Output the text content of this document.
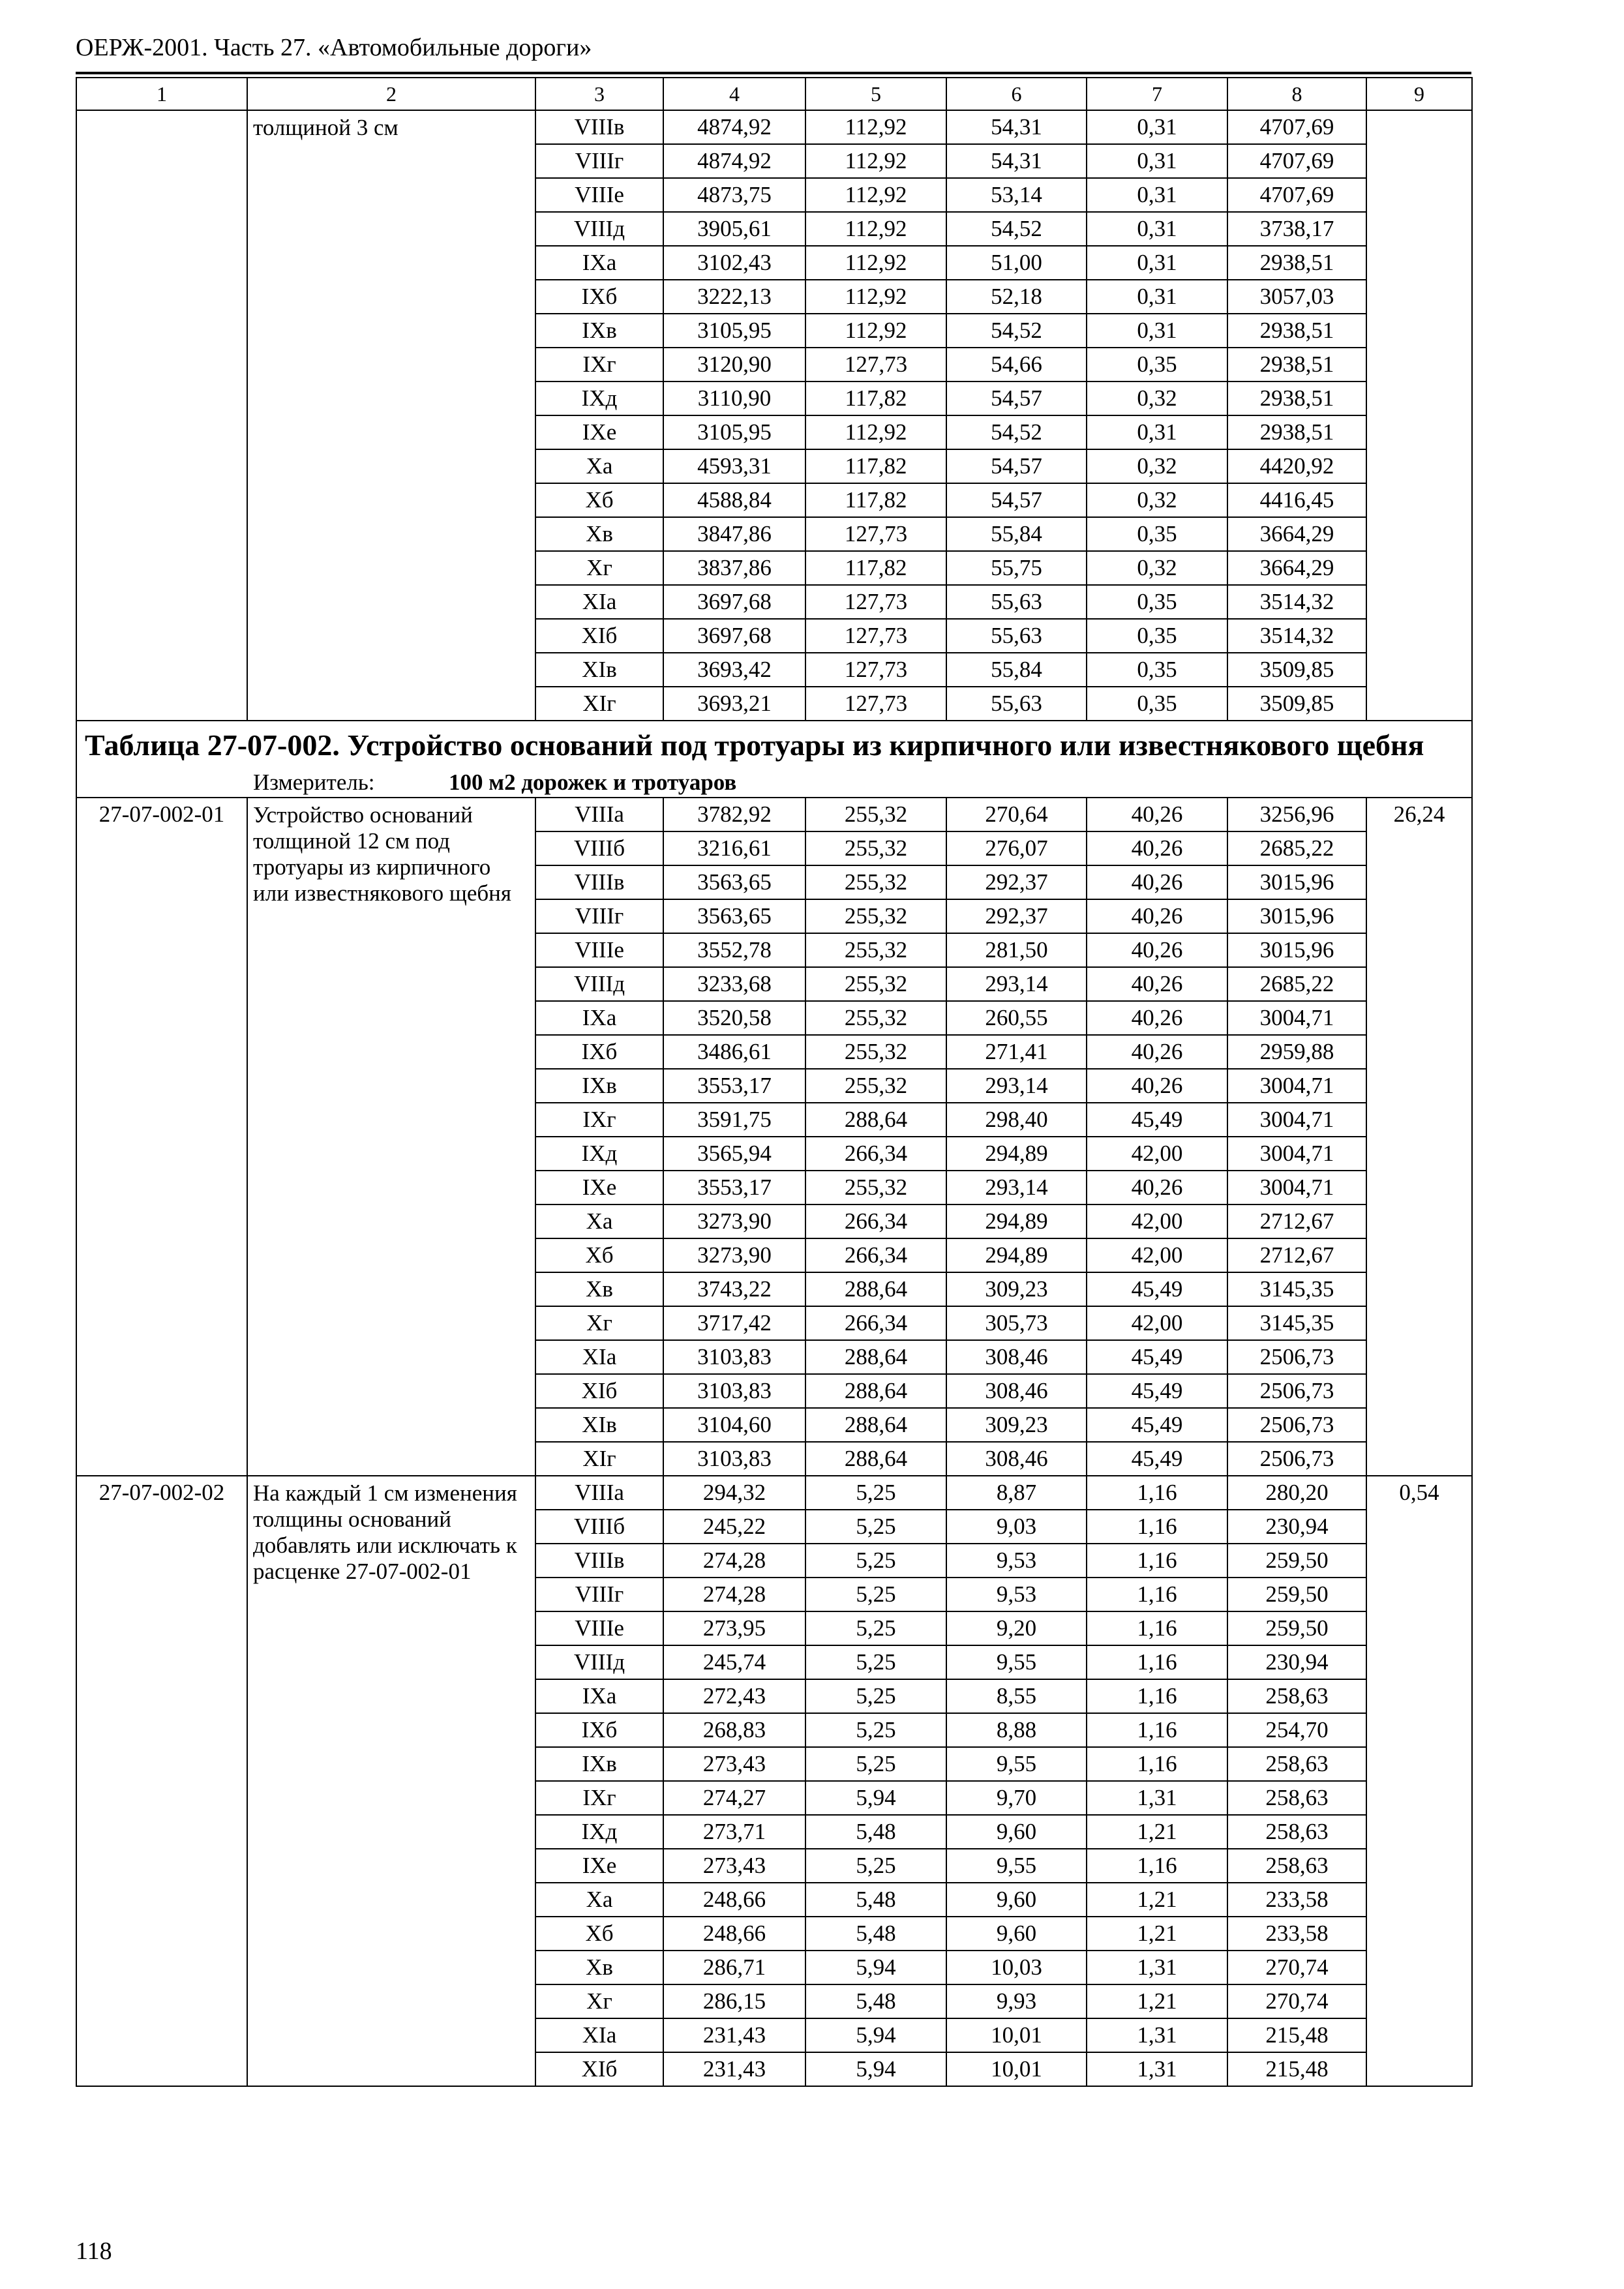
ОЕРЖ-2001. Часть 27. «Автомобильные дороги»
1	2	3	4	5	6	7	8	9
	толщиной 3 см	VIIIв	4874,92	112,92	54,31	0,31	4707,69	
		VIIIг	4874,92	112,92	54,31	0,31	4707,69	
		VIIIе	4873,75	112,92	53,14	0,31	4707,69	
		VIIIд	3905,61	112,92	54,52	0,31	3738,17	
		IXа	3102,43	112,92	51,00	0,31	2938,51	
		IXб	3222,13	112,92	52,18	0,31	3057,03	
		IXв	3105,95	112,92	54,52	0,31	2938,51	
		IXг	3120,90	127,73	54,66	0,35	2938,51	
		IXд	3110,90	117,82	54,57	0,32	2938,51	
		IXе	3105,95	112,92	54,52	0,31	2938,51	
		Xа	4593,31	117,82	54,57	0,32	4420,92	
		Xб	4588,84	117,82	54,57	0,32	4416,45	
		Xв	3847,86	127,73	55,84	0,35	3664,29	
		Xг	3837,86	117,82	55,75	0,32	3664,29	
		XIа	3697,68	127,73	55,63	0,35	3514,32	
		XIб	3697,68	127,73	55,63	0,35	3514,32	
		XIв	3693,42	127,73	55,84	0,35	3509,85	
		XIг	3693,21	127,73	55,63	0,35	3509,85	

Таблица 27-07-002. Устройство оснований под тротуары из кирпичного или известнякового щебня
Измеритель: 100 м2 дорожек и тротуаров								

27-07-002-01	Устройство оснований толщиной 12 см под тротуары из кирпичного или известнякового щебня	VIIIа	3782,92	255,32	270,64	40,26	3256,96	26,24
		VIIIб	3216,61	255,32	276,07	40,26	2685,22	
		VIIIв	3563,65	255,32	292,37	40,26	3015,96	
		VIIIг	3563,65	255,32	292,37	40,26	3015,96	
		VIIIе	3552,78	255,32	281,50	40,26	3015,96	
		VIIIд	3233,68	255,32	293,14	40,26	2685,22	
		IXа	3520,58	255,32	260,55	40,26	3004,71	
		IXб	3486,61	255,32	271,41	40,26	2959,88	
		IXв	3553,17	255,32	293,14	40,26	3004,71	
		IXг	3591,75	288,64	298,40	45,49	3004,71	
		IXд	3565,94	266,34	294,89	42,00	3004,71	
		IXе	3553,17	255,32	293,14	40,26	3004,71	
		Xа	3273,90	266,34	294,89	42,00	2712,67	
		Xб	3273,90	266,34	294,89	42,00	2712,67	
		Xв	3743,22	288,64	309,23	45,49	3145,35	
		Xг	3717,42	266,34	305,73	42,00	3145,35	
		XIа	3103,83	288,64	308,46	45,49	2506,73	
		XIб	3103,83	288,64	308,46	45,49	2506,73	
		XIв	3104,60	288,64	309,23	45,49	2506,73	
		XIг	3103,83	288,64	308,46	45,49	2506,73	
27-07-002-02	На каждый 1 см изменения толщины оснований добавлять или исключать к расценке 27-07-002-01	VIIIа	294,32	5,25	8,87	1,16	280,20	0,54
		VIIIб	245,22	5,25	9,03	1,16	230,94	
		VIIIв	274,28	5,25	9,53	1,16	259,50	
		VIIIг	274,28	5,25	9,53	1,16	259,50	
		VIIIе	273,95	5,25	9,20	1,16	259,50	
		VIIIд	245,74	5,25	9,55	1,16	230,94	
		IXа	272,43	5,25	8,55	1,16	258,63	
		IXб	268,83	5,25	8,88	1,16	254,70	
		IXв	273,43	5,25	9,55	1,16	258,63	
		IXг	274,27	5,94	9,70	1,31	258,63	
		IXд	273,71	5,48	9,60	1,21	258,63	
		IXе	273,43	5,25	9,55	1,16	258,63	
		Xа	248,66	5,48	9,60	1,21	233,58	
		Xб	248,66	5,48	9,60	1,21	233,58	
		Xв	286,71	5,94	10,03	1,31	270,74	
		Xг	286,15	5,48	9,93	1,21	270,74	
		XIа	231,43	5,94	10,01	1,31	215,48	
		XIб	231,43	5,94	10,01	1,31	215,48	
118
